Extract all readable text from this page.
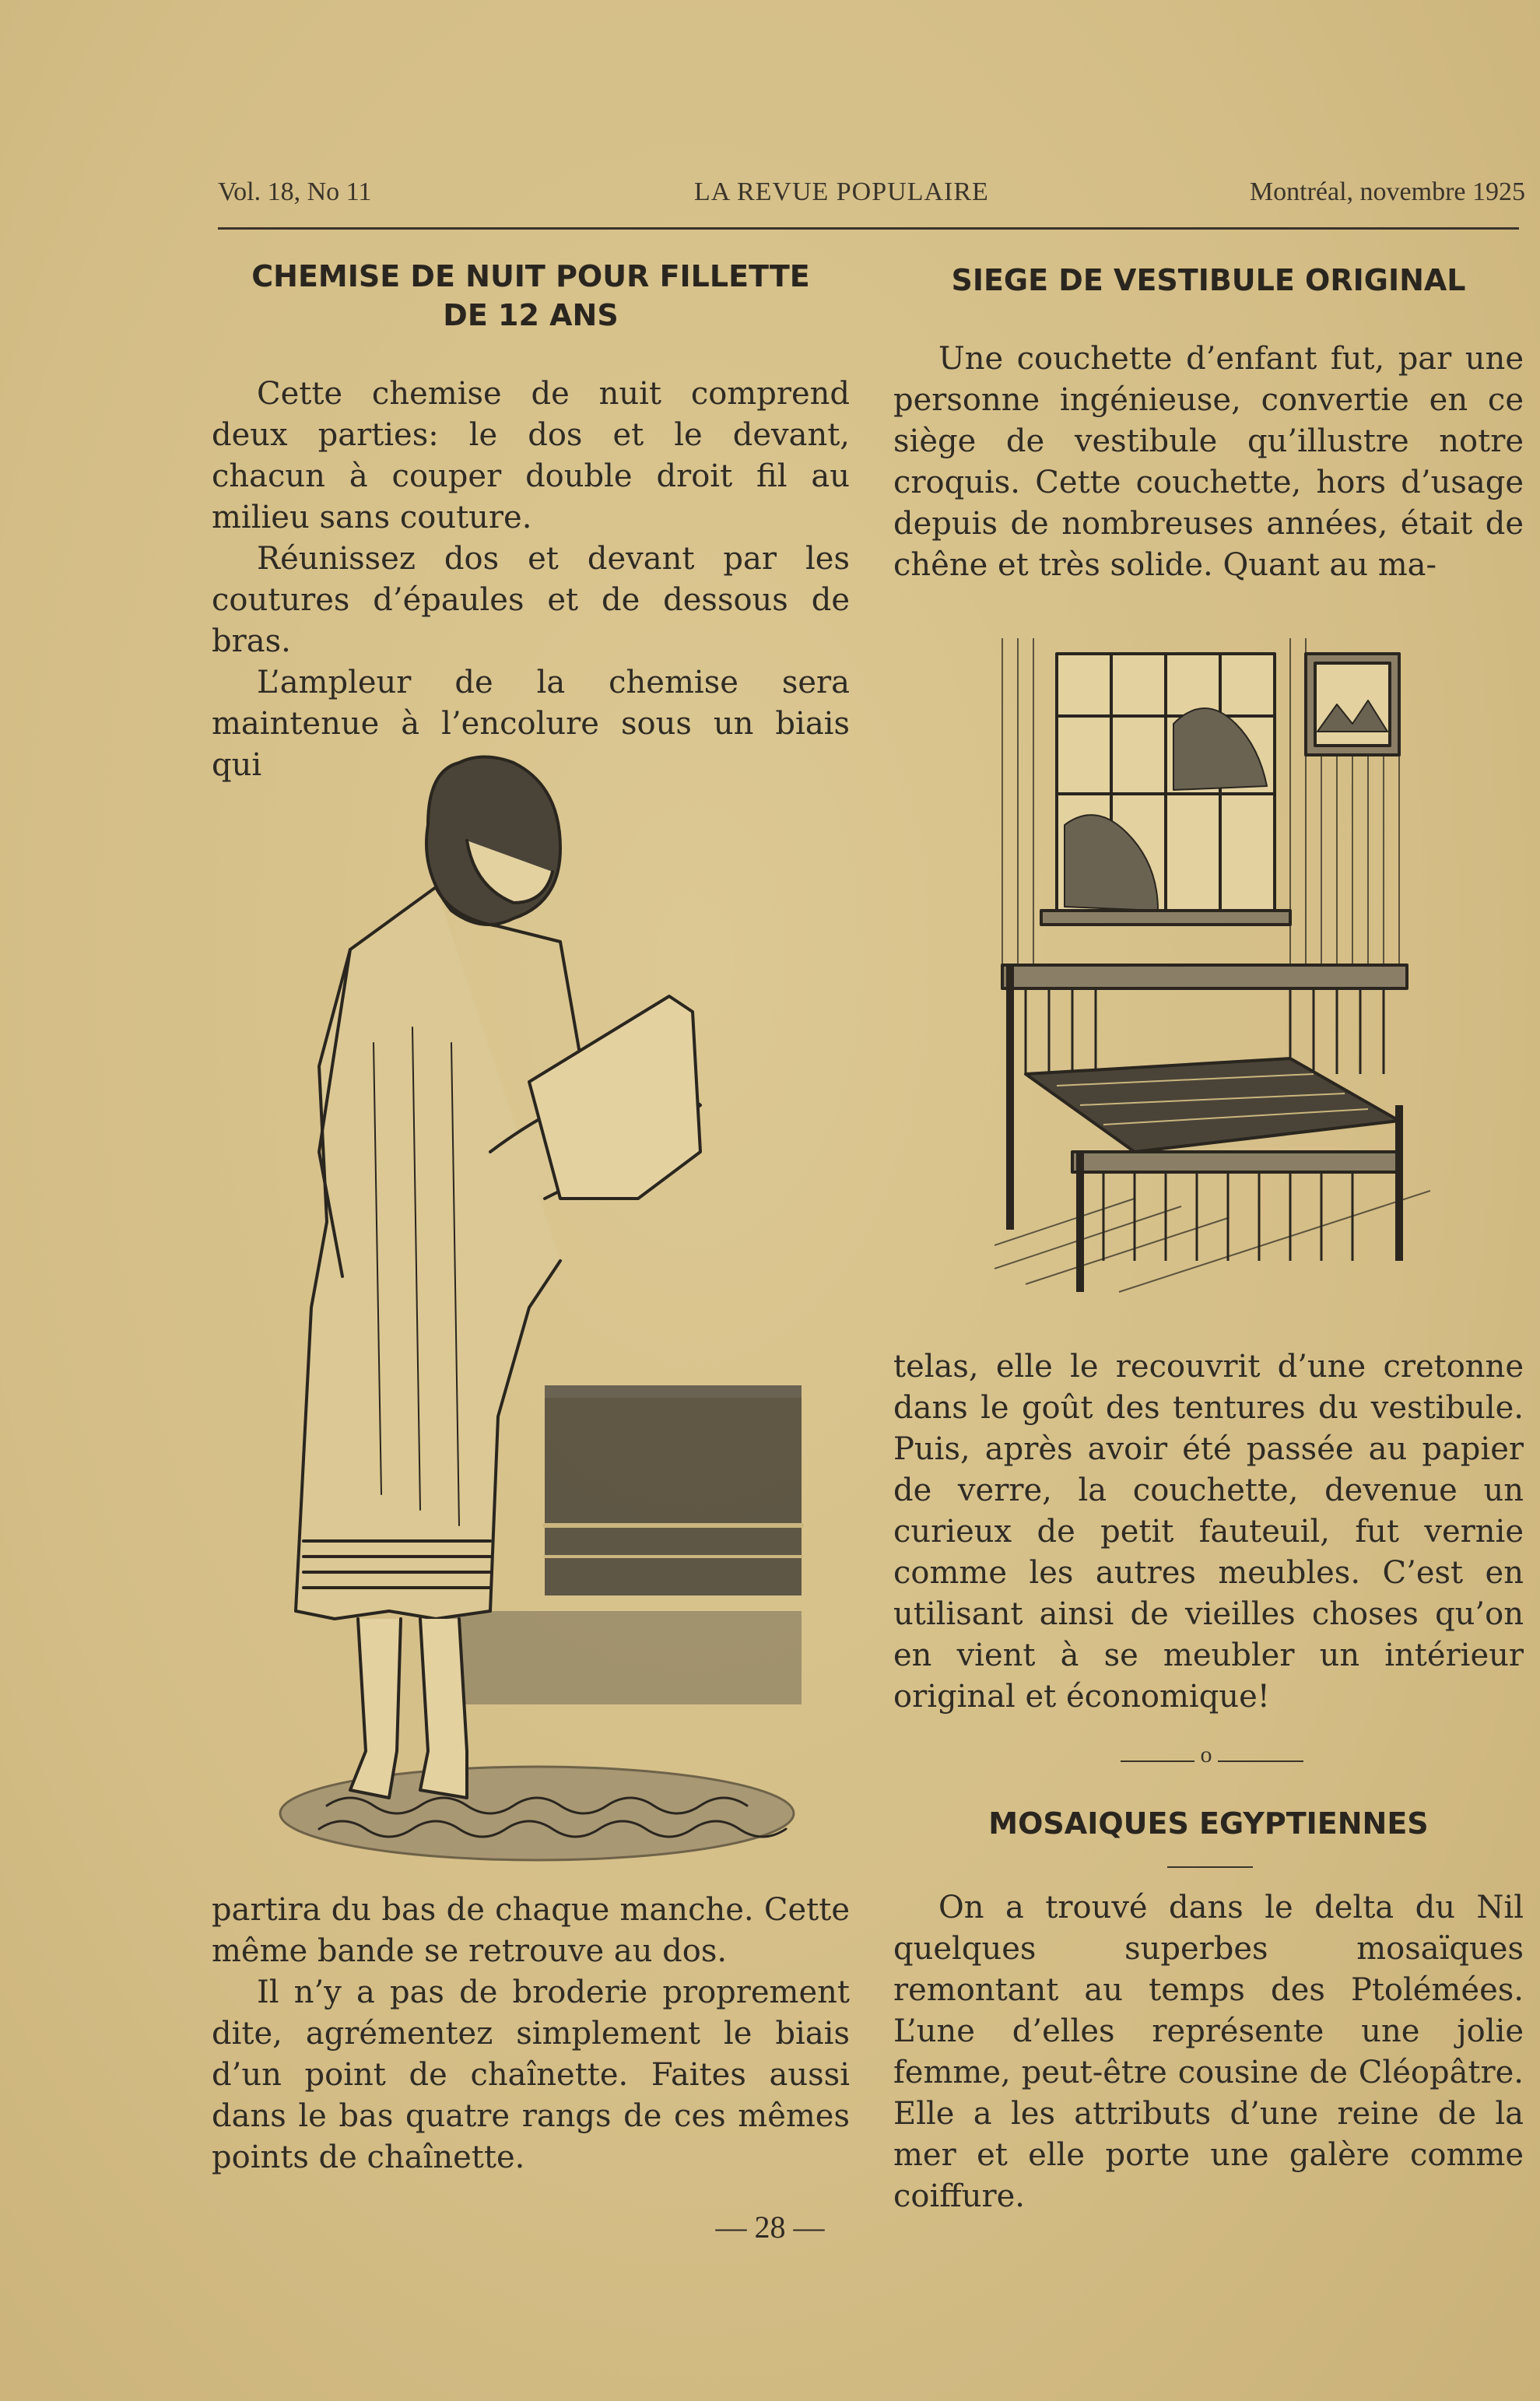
Vol. 18, No 11	LA REVUE POPULAIRE	Montréal, novembre 1925
CHEMISE DE NUIT POUR FILLETTE
DE 12 ANS

Cette chemise de nuit comprend deux parties: le dos et le devant, chacun à couper double droit fil au milieu sans couture.

Réunissez dos et devant par les coutures d’épaules et de dessous de bras.

L’ampleur de la chemise sera maintenue à l’encolure sous un biais qui

partira du bas de chaque manche. Cette même bande se retrouve au dos.

Il n’y a pas de broderie proprement dite, agrémentez simplement le biais d’un point de chaînette. Faites aussi dans le bas quatre rangs de ces mêmes points de chaînette.

SIEGE DE VESTIBULE ORIGINAL

Une couchette d’enfant fut, par une personne ingénieuse, convertie en ce siège de vestibule qu’illustre notre croquis. Cette couchette, hors d’usage depuis de nombreuses années, était de chêne et très solide. Quant au ma-

telas, elle le recouvrit d’une cretonne dans le goût des tentures du vestibule. Puis, après avoir été passée au papier de verre, la couchette, devenue un curieux de petit fauteuil, fut vernie comme les autres meubles. C’est en utilisant ainsi de vieilles choses qu’on en vient à se meubler un intérieur original et économique!

o
MOSAIQUES EGYPTIENNES

On a trouvé dans le delta du Nil quelques superbes mosaïques remontant au temps des Ptolémées. L’une d’elles représente une jolie femme, peut-être cousine de Cléopâtre. Elle a les attributs d’une reine de la mer et elle porte une galère comme coiffure.

— 28 —
